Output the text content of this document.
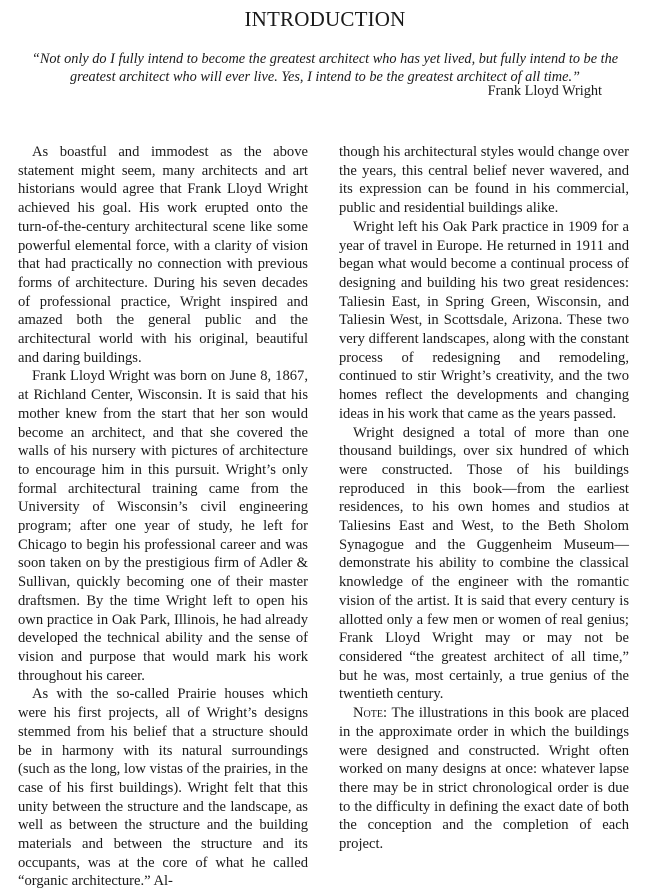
INTRODUCTION
“Not only do I fully intend to become the greatest architect who has yet lived, but fully intend to be the greatest architect who will ever live. Yes, I intend to be the greatest architect of all time.”
Frank Lloyd Wright

As boastful and immodest as the above statement might seem, many architects and art historians would agree that Frank Lloyd Wright achieved his goal. His work erupted onto the turn-of-the-century architectural scene like some powerful elemental force, with a clarity of vision that had practically no connection with previous forms of architecture. During his seven decades of professional practice, Wright inspired and amazed both the general public and the architectural world with his original, beautiful and daring buildings.

Frank Lloyd Wright was born on June 8, 1867, at Richland Center, Wisconsin. It is said that his mother knew from the start that her son would become an architect, and that she covered the walls of his nursery with pictures of architecture to encourage him in this pursuit. Wright’s only formal architectural training came from the University of Wisconsin’s civil engineering program; after one year of study, he left for Chicago to begin his professional career and was soon taken on by the prestigious firm of Adler & Sullivan, quickly becoming one of their master draftsmen. By the time Wright left to open his own practice in Oak Park, Illinois, he had already developed the technical ability and the sense of vision and purpose that would mark his work throughout his career.

As with the so-called Prairie houses which were his first projects, all of Wright’s designs stemmed from his belief that a structure should be in harmony with its natural surroundings (such as the long, low vistas of the prairies, in the case of his first buildings). Wright felt that this unity between the structure and the landscape, as well as between the structure and the building materials and between the structure and its occupants, was at the core of what he called “organic architecture.” Al-

though his architectural styles would change over the years, this central belief never wavered, and its expression can be found in his commercial, public and residential buildings alike.

Wright left his Oak Park practice in 1909 for a year of travel in Europe. He returned in 1911 and began what would become a continual process of designing and building his two great residences: Taliesin East, in Spring Green, Wisconsin, and Taliesin West, in Scottsdale, Arizona. These two very different landscapes, along with the constant process of redesigning and remodeling, continued to stir Wright’s creativity, and the two homes reflect the developments and changing ideas in his work that came as the years passed.

Wright designed a total of more than one thousand buildings, over six hundred of which were constructed. Those of his buildings reproduced in this book—from the earliest residences, to his own homes and studios at Taliesins East and West, to the Beth Sholom Synagogue and the Guggenheim Museum—demonstrate his ability to combine the classical knowledge of the engineer with the romantic vision of the artist. It is said that every century is allotted only a few men or women of real genius; Frank Lloyd Wright may or may not be considered “the greatest architect of all time,” but he was, most certainly, a true genius of the twentieth century.

Note: The illustrations in this book are placed in the approximate order in which the buildings were designed and constructed. Wright often worked on many designs at once: whatever lapse there may be in strict chronological order is due to the difficulty in defining the exact date of both the conception and the completion of each project.
